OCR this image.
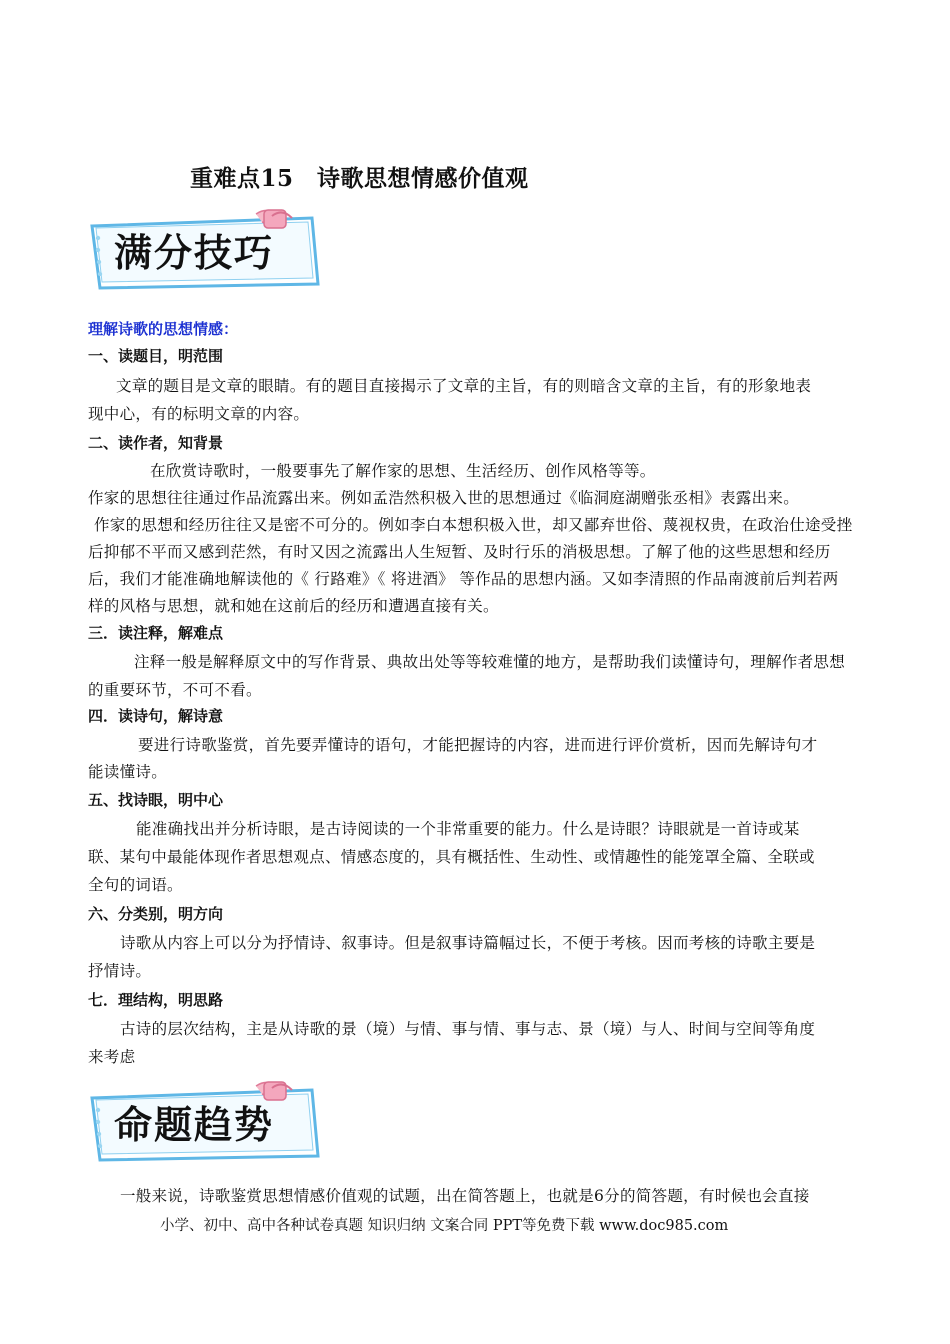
重难点15　诗歌思想情感价值观
满分技巧
理解诗歌的思想情感：
一、读题目，明范围
文章的题目是文章的眼睛。有的题目直接揭示了文章的主旨，有的则暗含文章的主旨，有的形象地表
现中心，有的标明文章的内容。
二、读作者，知背景
在欣赏诗歌时，一般要事先了解作家的思想、生活经历、创作风格等等。
作家的思想往往通过作品流露出来。例如孟浩然积极入世的思想通过《临洞庭湖赠张丞相》表露出来。
作家的思想和经历往往又是密不可分的。例如李白本想积极入世，却又鄙弃世俗、蔑视权贵，在政治仕途受挫
后抑郁不平而又感到茫然，有时又因之流露出人生短暂、及时行乐的消极思想。了解了他的这些思想和经历
后，我们才能准确地解读他的《 行路难》《 将进酒》 等作品的思想内涵。又如李清照的作品南渡前后判若两
样的风格与思想，就和她在这前后的经历和遭遇直接有关。
三．读注释，解难点
注释一般是解释原文中的写作背景、典故出处等等较难懂的地方，是帮助我们读懂诗句，理解作者思想
的重要环节，不可不看。
四．读诗句，解诗意
要进行诗歌鉴赏，首先要弄懂诗的语句，才能把握诗的内容，进而进行评价赏析，因而先解诗句才
能读懂诗。
五、找诗眼，明中心
能准确找出并分析诗眼，是古诗阅读的一个非常重要的能力。什么是诗眼？诗眼就是一首诗或某
联、某句中最能体现作者思想观点、情感态度的，具有概括性、生动性、或情趣性的能笼罩全篇、全联或
全句的词语。
六、分类别，明方向
诗歌从内容上可以分为抒情诗、叙事诗。但是叙事诗篇幅过长，不便于考核。因而考核的诗歌主要是
抒情诗。
七．理结构，明思路
古诗的层次结构，主是从诗歌的景（境）与情、事与情、事与志、景（境）与人、时间与空间等角度
来考虑
命题趋势
一般来说，诗歌鉴赏思想情感价值观的试题，出在简答题上，也就是6分的简答题，有时候也会直接
小学、初中、高中各种试卷真题 知识归纳 文案合同 PPT等免费下载 www.doc985.com
